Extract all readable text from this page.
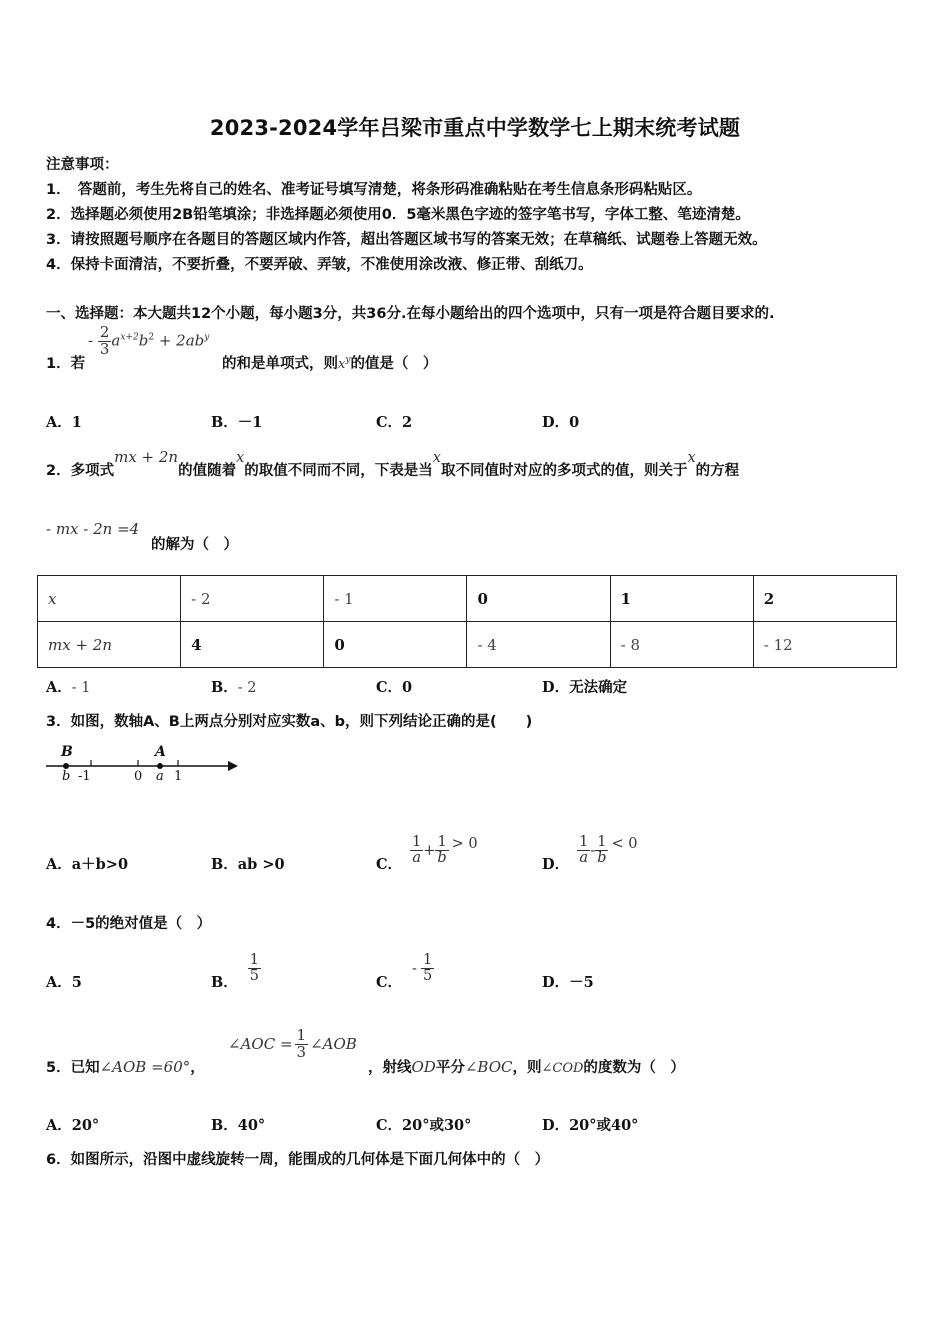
2023-2024学年吕梁市重点中学数学七上期末统考试题
注意事项：
1．　答题前，考生先将自己的姓名、准考证号填写清楚，将条形码准确粘贴在考生信息条形码粘贴区。
2．选择题必须使用2B铅笔填涂；非选择题必须使用0．5毫米黑色字迹的签字笔书写，字体工整、笔迹清楚。
3．请按照题号顺序在各题目的答题区域内作答，超出答题区域书写的答案无效；在草稿纸、试题卷上答题无效。
4．保持卡面清洁，不要折叠，不要弄破、弄皱，不准使用涂改液、修正带、刮纸刀。
一、选择题：本大题共12个小题，每小题3分，共36分.在每小题给出的四个选项中，只有一项是符合题目要求的.
1．若
- $\frac{2}{3} a^{x+2}b^2 + 2ab^y$
的和是单项式，则$x^y$的值是（　）
A．1	B．－1	C．2	D．0
2．多项式mx + 2n的值随着x的取值不同而不同，下表是当x取不同值时对应的多项式的值，则关于x的方程
- mx - 2n =4
的解为（　）
x	- 2	- 1	0	1	2
mx + 2n	4	0	- 4	- 8	- 12
A．- 1	B．- 2	C．0	D．无法确定
3．如图，数轴A、B上两点分别对应实数a、b，则下列结论正确的是(　　)
B	A
b -1	0 a 1
A．a＋b>0	B．ab >0	C． $\frac{1}{a} + \frac{1}{b} > 0$
D． $\frac{1}{a} - \frac{1}{b} < 0$
4．－5的绝对值是（　）
A．5	B． $\frac{1}{5}$	C．
- $\frac{1}{5}$	D．－5
5．已知∠AOB =60°，
∠AOC = $\frac{1}{3}$ ∠AOB
，射线OD平分∠BOC，则∠COD的度数为（　）
A．20°	B．40°	C．20°或30°	D．20°或40°
6．如图所示，沿图中虚线旋转一周，能围成的几何体是下面几何体中的（　）
